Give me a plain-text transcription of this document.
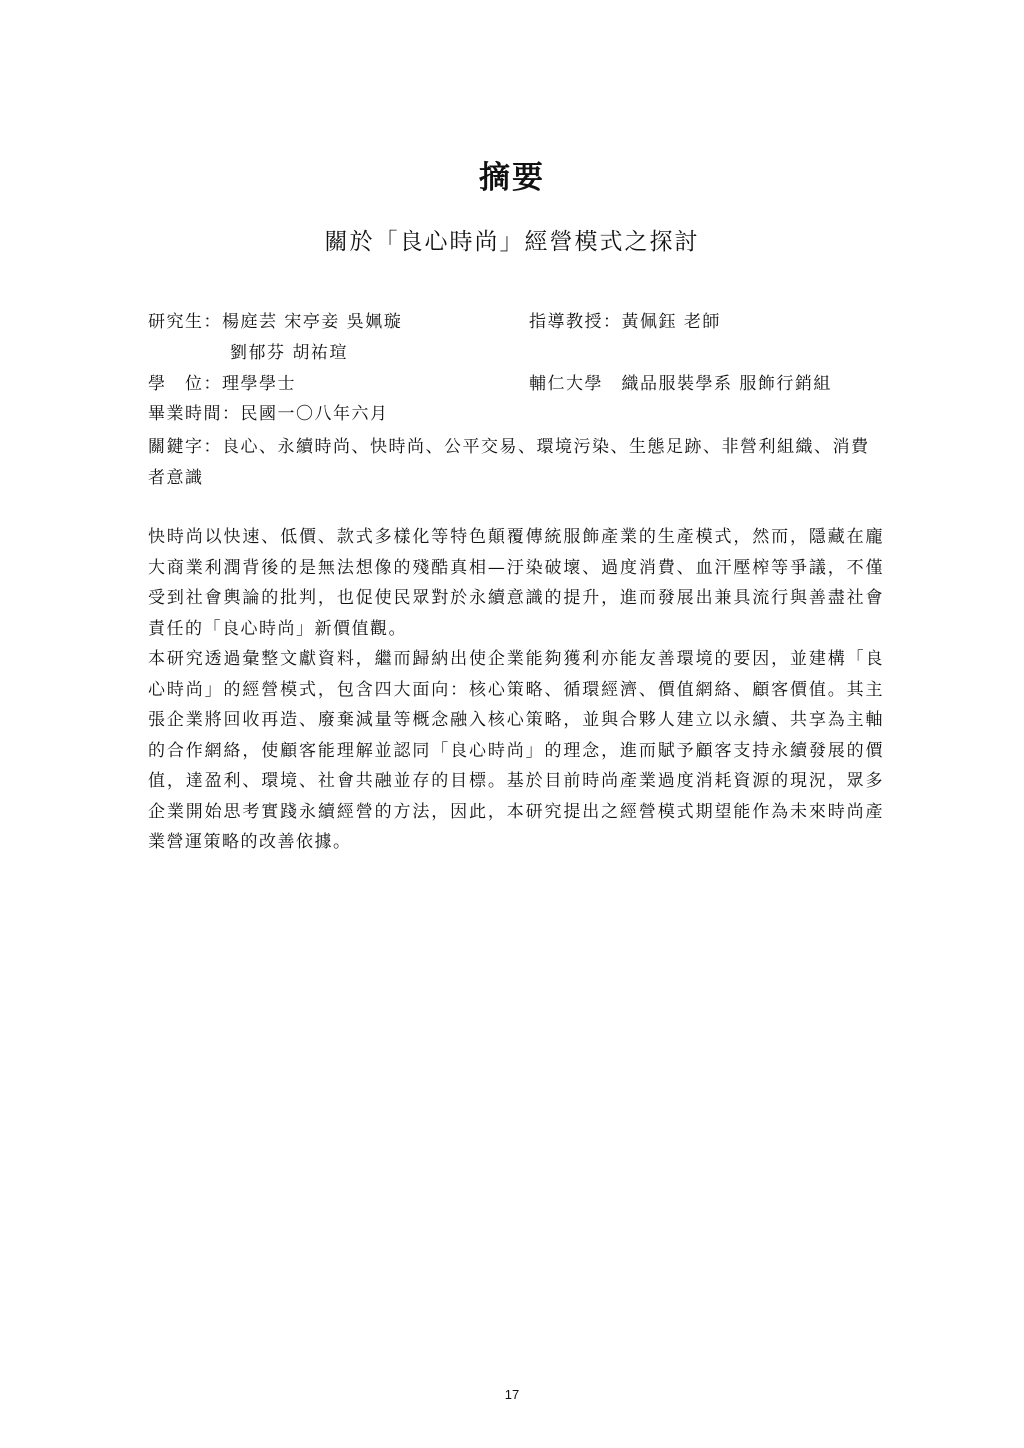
摘要
關於「良心時尚」經營模式之探討
研究生：楊庭芸 宋亭妾 吳姵璇	指導教授：黃佩鈺 老師
劉郁芬 胡祐瑄
學　位：理學學士	輔仁大學　織品服裝學系 服飾行銷組
畢業時間：民國一〇八年六月
關鍵字：良心、永續時尚、快時尚、公平交易、環境污染、生態足跡、非營利組織、消費者意識

快時尚以快速、低價、款式多樣化等特色顛覆傳統服飾產業的生產模式，然而，隱藏在龐大商業利潤背後的是無法想像的殘酷真相—汙染破壞、過度消費、血汗壓榨等爭議，不僅受到社會輿論的批判，也促使民眾對於永續意識的提升，進而發展出兼具流行與善盡社會責任的「良心時尚」新價值觀。

本研究透過彙整文獻資料，繼而歸納出使企業能夠獲利亦能友善環境的要因，並建構「良心時尚」的經營模式，包含四大面向：核心策略、循環經濟、價值網絡、顧客價值。其主張企業將回收再造、廢棄減量等概念融入核心策略，並與合夥人建立以永續、共享為主軸的合作網絡，使顧客能理解並認同「良心時尚」的理念，進而賦予顧客支持永續發展的價值，達盈利、環境、社會共融並存的目標。基於目前時尚產業過度消耗資源的現況，眾多企業開始思考實踐永續經營的方法，因此，本研究提出之經營模式期望能作為未來時尚產業營運策略的改善依據。

17
